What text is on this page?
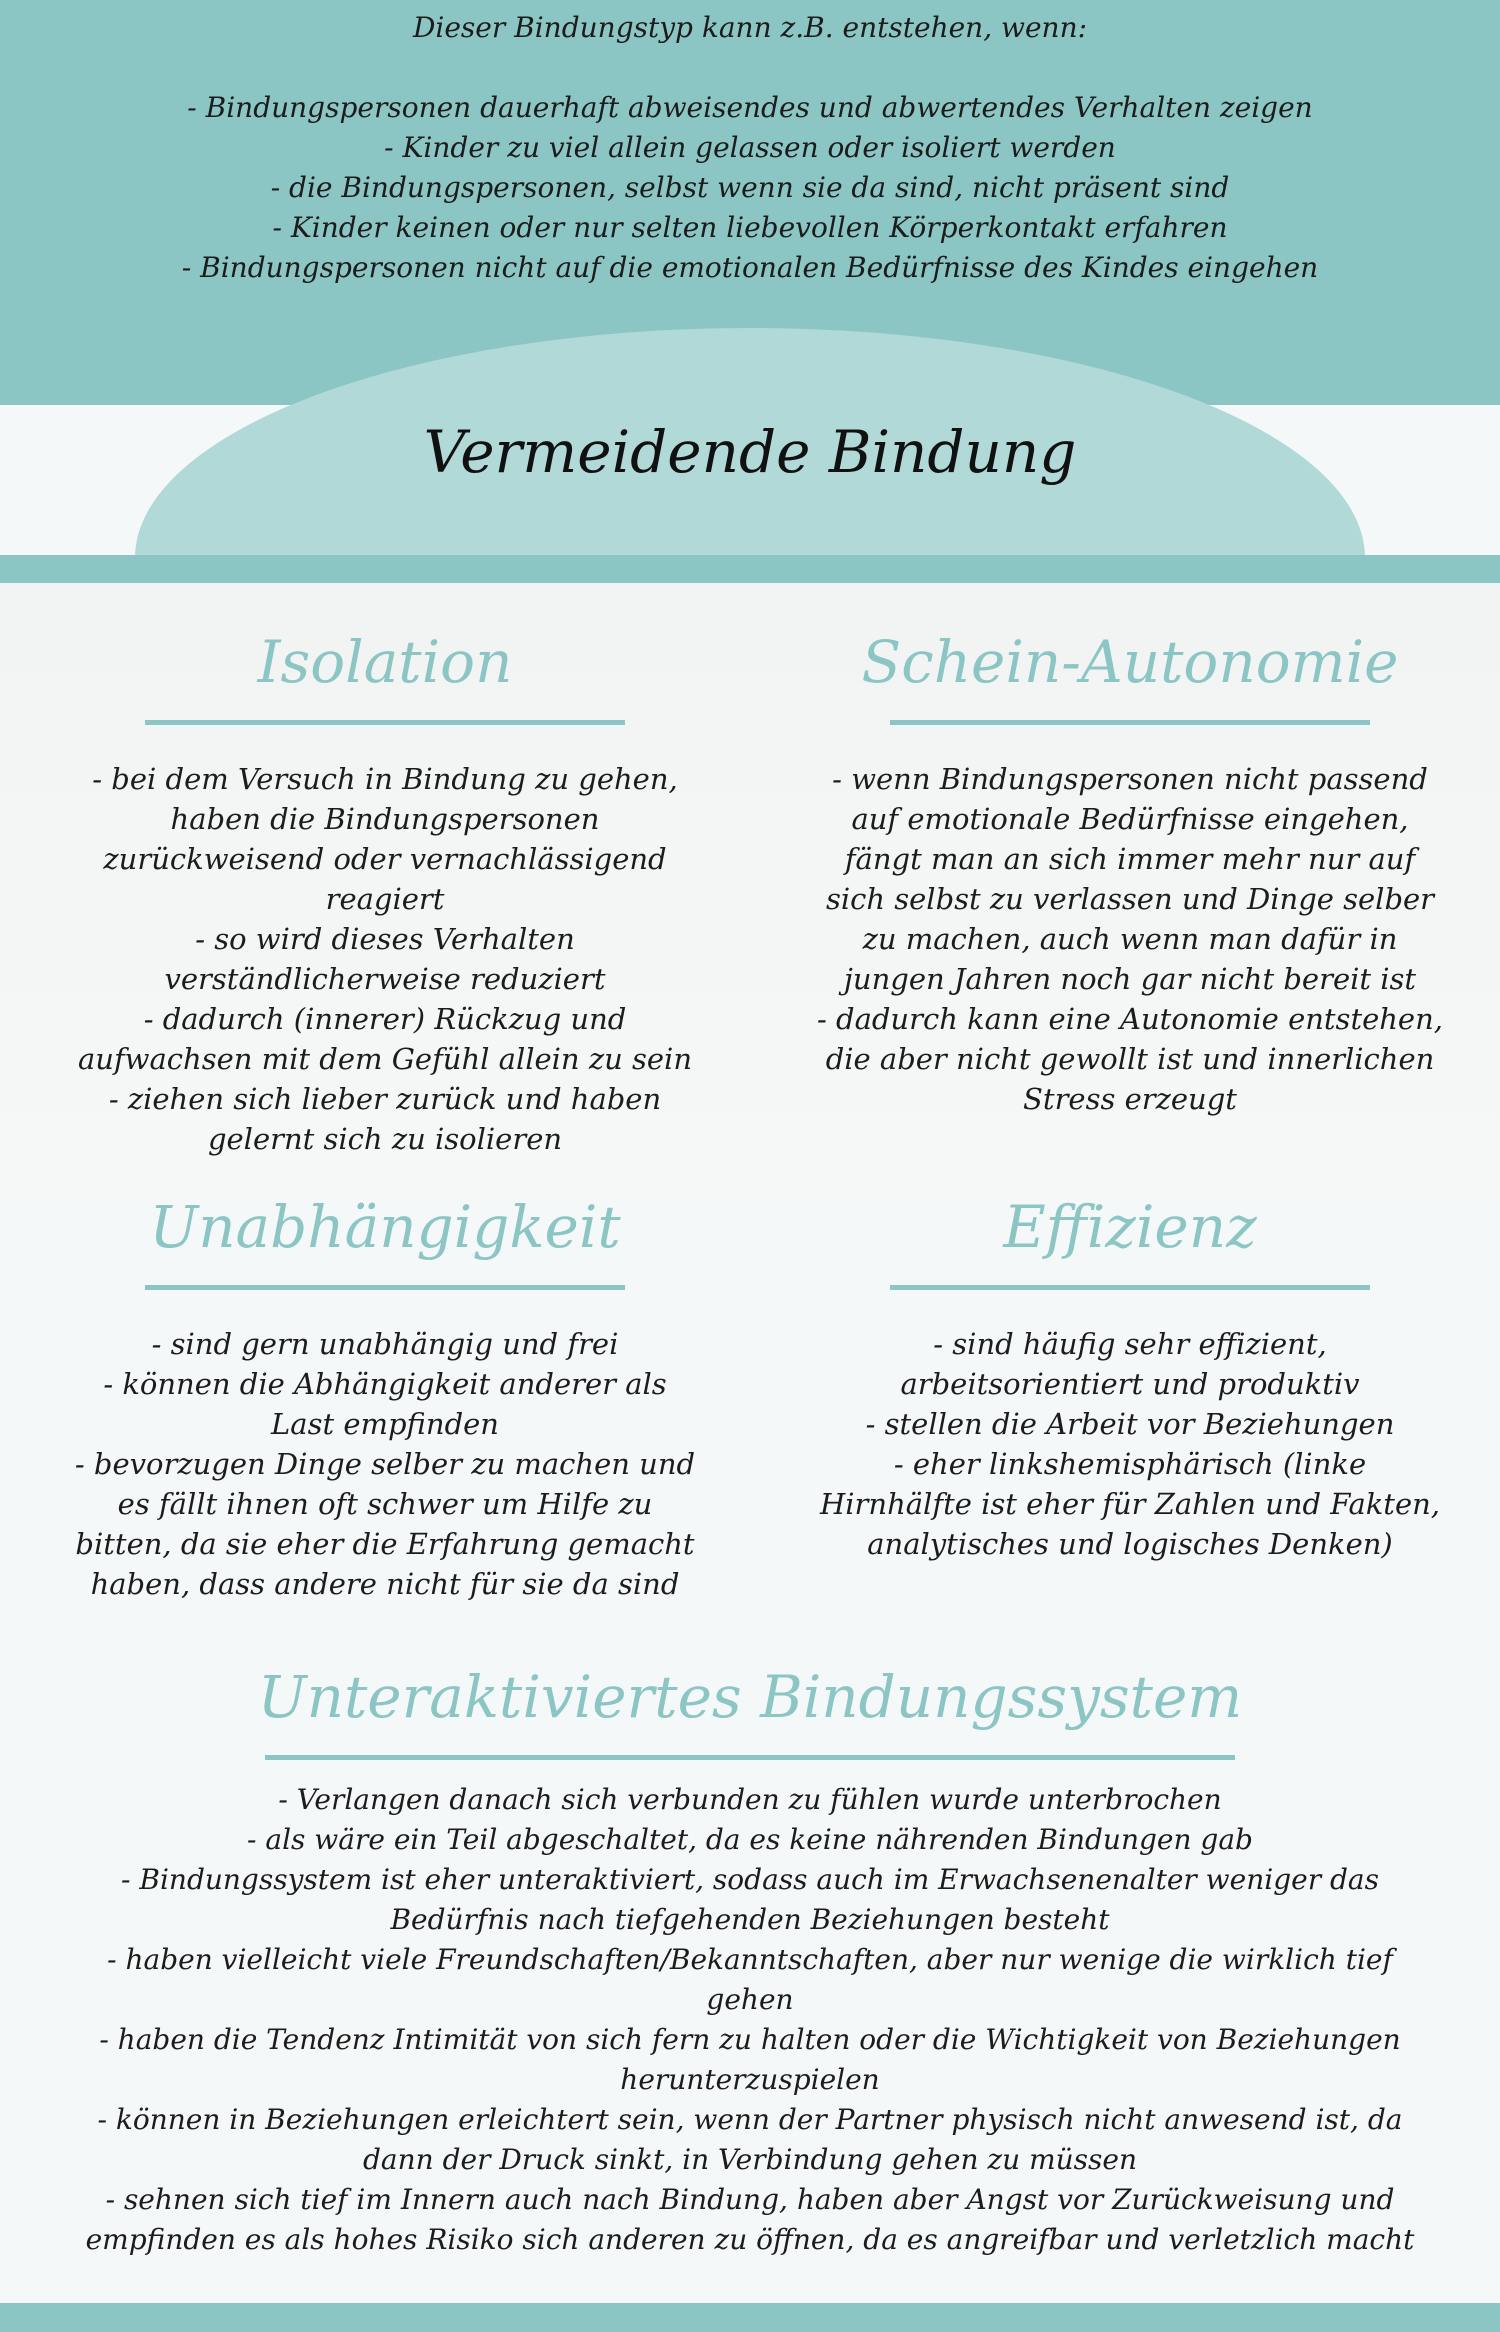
Dieser Bindungstyp kann z.B. entstehen, wenn:
- Bindungspersonen dauerhaft abweisendes und abwertendes Verhalten zeigen
- Kinder zu viel allein gelassen oder isoliert werden
- die Bindungspersonen, selbst wenn sie da sind, nicht präsent sind
- Kinder keinen oder nur selten liebevollen Körperkontakt erfahren
- Bindungspersonen nicht auf die emotionalen Bedürfnisse des Kindes eingehen
Vermeidende Bindung
Isolation
- bei dem Versuch in Bindung zu gehen,
haben die Bindungspersonen
zurückweisend oder vernachlässigend
reagiert
- so wird dieses Verhalten
verständlicherweise reduziert
- dadurch (innerer) Rückzug und
aufwachsen mit dem Gefühl allein zu sein
- ziehen sich lieber zurück und haben
gelernt sich zu isolieren
Schein-Autonomie
- wenn Bindungspersonen nicht passend
auf emotionale Bedürfnisse eingehen,
fängt man an sich immer mehr nur auf
sich selbst zu verlassen und Dinge selber
zu machen, auch wenn man dafür in
jungen Jahren noch gar nicht bereit ist
- dadurch kann eine Autonomie entstehen,
die aber nicht gewollt ist und innerlichen
Stress erzeugt
Unabhängigkeit
- sind gern unabhängig und frei
- können die Abhängigkeit anderer als
Last empfinden
- bevorzugen Dinge selber zu machen und
es fällt ihnen oft schwer um Hilfe zu
bitten, da sie eher die Erfahrung gemacht
haben, dass andere nicht für sie da sind
Effizienz
- sind häufig sehr effizient,
arbeitsorientiert und produktiv
- stellen die Arbeit vor Beziehungen
- eher linkshemisphärisch (linke
Hirnhälfte ist eher für Zahlen und Fakten,
analytisches und logisches Denken)
Unteraktiviertes Bindungssystem
- Verlangen danach sich verbunden zu fühlen wurde unterbrochen
- als wäre ein Teil abgeschaltet, da es keine nährenden Bindungen gab
- Bindungssystem ist eher unteraktiviert, sodass auch im Erwachsenenalter weniger das
Bedürfnis nach tiefgehenden Beziehungen besteht
- haben vielleicht viele Freundschaften/Bekanntschaften, aber nur wenige die wirklich tief
gehen
- haben die Tendenz Intimität von sich fern zu halten oder die Wichtigkeit von Beziehungen
herunterzuspielen
- können in Beziehungen erleichtert sein, wenn der Partner physisch nicht anwesend ist, da
dann der Druck sinkt, in Verbindung gehen zu müssen
- sehnen sich tief im Innern auch nach Bindung, haben aber Angst vor Zurückweisung und
empfinden es als hohes Risiko sich anderen zu öffnen, da es angreifbar und verletzlich macht
